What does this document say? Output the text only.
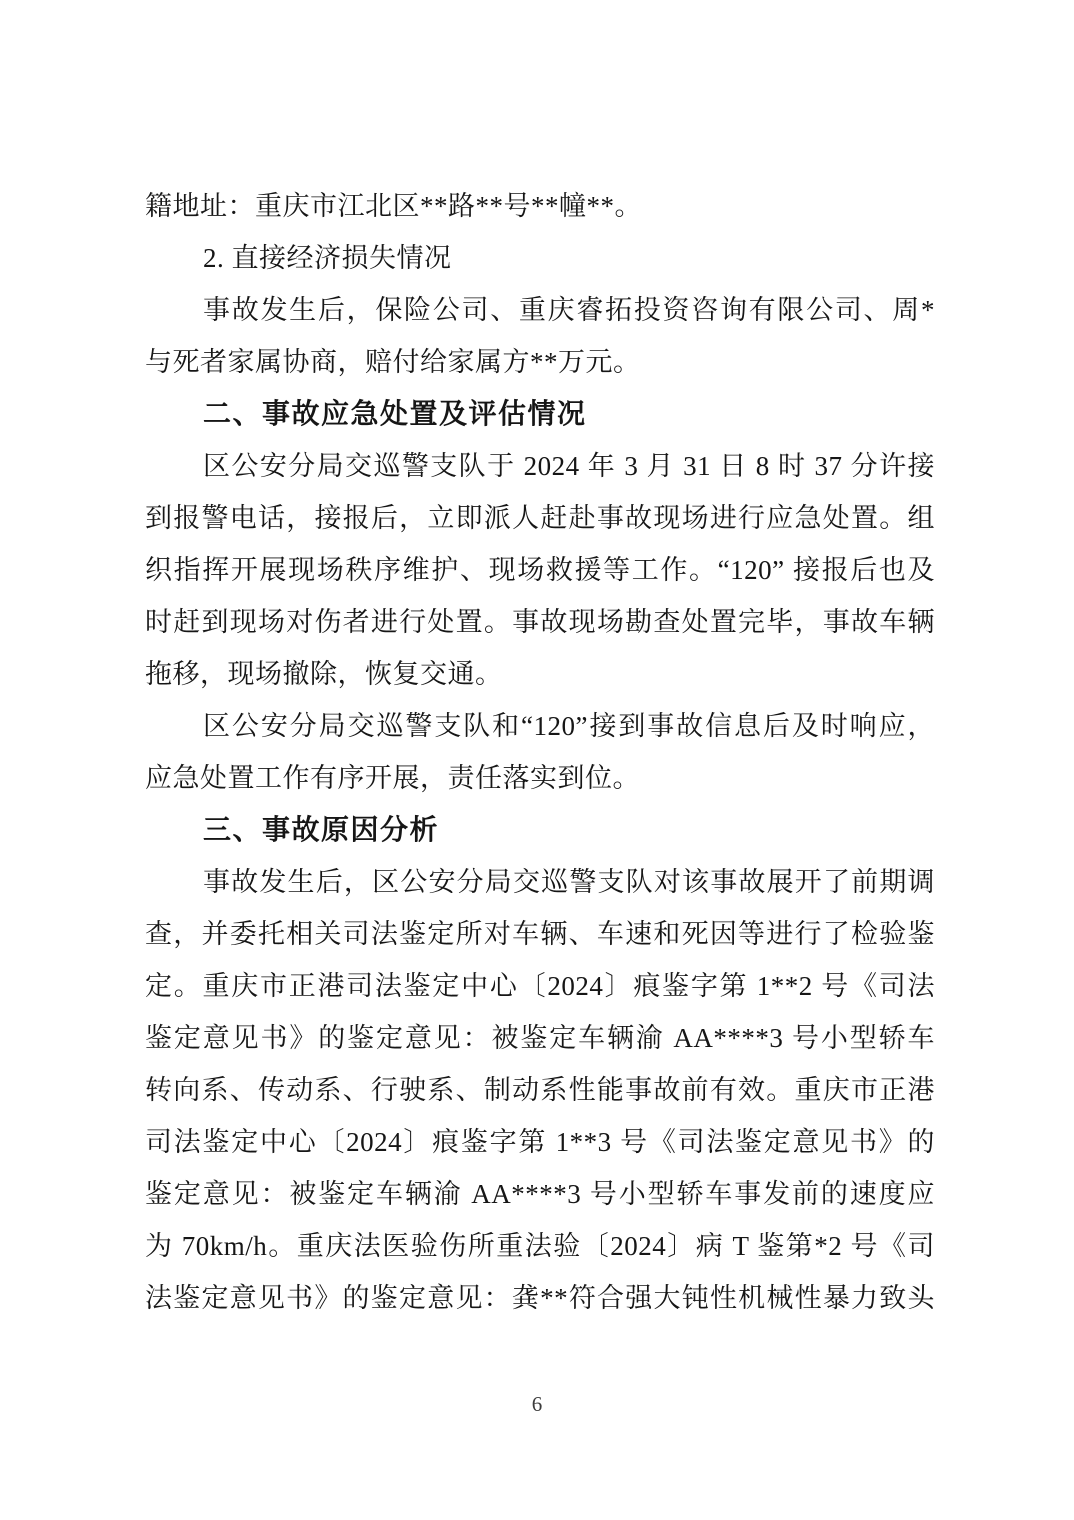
籍地址：重庆市江北区**路**号**幢**。
2. 直接经济损失情况
事故发生后，保险公司、重庆睿拓投资咨询有限公司、周*
与死者家属协商，赔付给家属方**万元。
二、事故应急处置及评估情况
区公安分局交巡警支队于 2024 年 3 月 31 日 8 时 37 分许接
到报警电话，接报后，立即派人赶赴事故现场进行应急处置。组
织指挥开展现场秩序维护、现场救援等工作。“120” 接报后也及
时赶到现场对伤者进行处置。事故现场勘查处置完毕，事故车辆
拖移，现场撤除，恢复交通。
区公安分局交巡警支队和“120”接到事故信息后及时响应，
应急处置工作有序开展，责任落实到位。
三、事故原因分析
事故发生后，区公安分局交巡警支队对该事故展开了前期调
查，并委托相关司法鉴定所对车辆、车速和死因等进行了检验鉴
定。重庆市正港司法鉴定中心〔2024〕痕鉴字第 1**2 号《司法
鉴定意见书》的鉴定意见：被鉴定车辆渝 AA****3 号小型轿车
转向系、传动系、行驶系、制动系性能事故前有效。重庆市正港
司法鉴定中心〔2024〕痕鉴字第 1**3 号《司法鉴定意见书》的
鉴定意见：被鉴定车辆渝 AA****3 号小型轿车事发前的速度应
为 70km/h。重庆法医验伤所重法验〔2024〕病 T 鉴第*2 号《司
法鉴定意见书》的鉴定意见：龚**符合强大钝性机械性暴力致头
6
